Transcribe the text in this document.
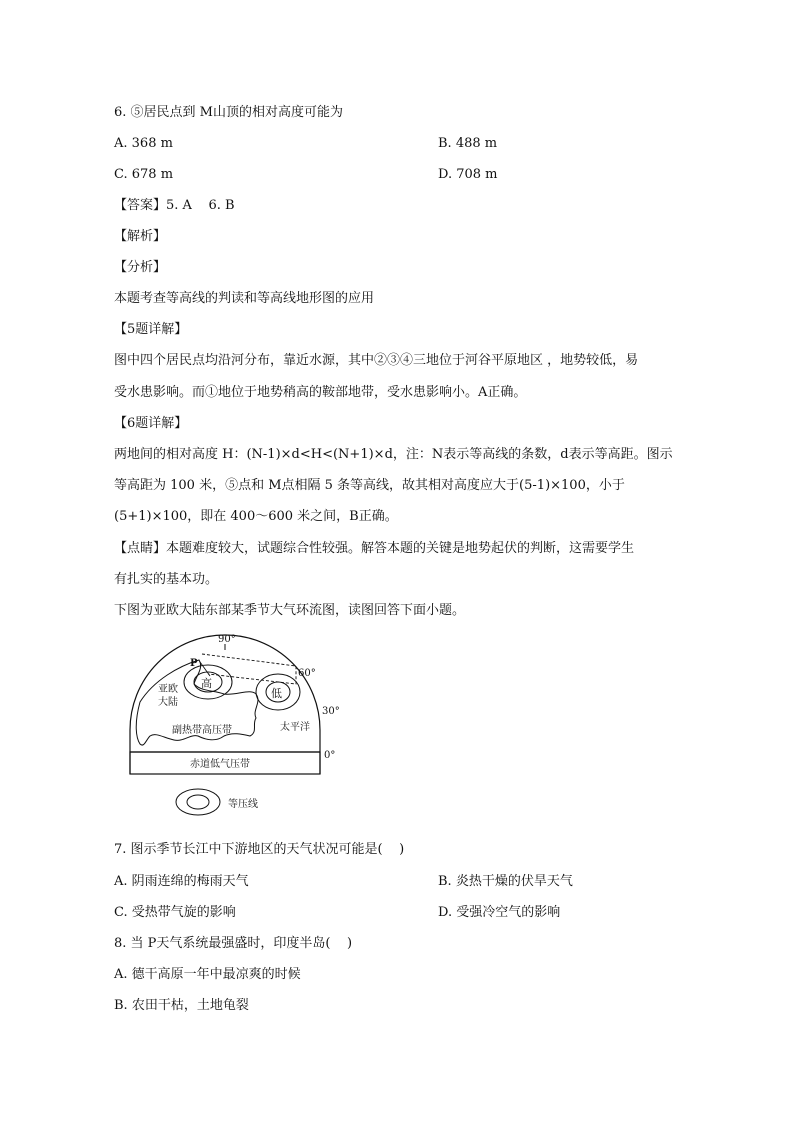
6. ⑤居民点到 M山顶的相对高度可能为
A. 368 m	B. 488 m
C. 678 m	D. 708 m
【答案】5. A    6. B
【解析】
【分析】
本题考查等高线的判读和等高线地形图的应用
【5题详解】
图中四个居民点均沿河分布，靠近水源，其中②③④三地位于河谷平原地区 ，地势较低，易
受水患影响。而①地位于地势稍高的鞍部地带，受水患影响小。A正确。
【6题详解】
两地间的相对高度 H：(N-1)×d<H<(N+1)×d，注：N表示等高线的条数，d表示等高距。图示
等高距为 100 米，⑤点和 M点相隔 5 条等高线，故其相对高度应大于(5-1)×100，小于
(5+1)×100，即在 400～600 米之间，B正确。
【点睛】本题难度较大，试题综合性较强。解答本题的关键是地势起伏的判断，这需要学生
有扎实的基本功。
下图为亚欧大陆东部某季节大气环流图，读图回答下面小题。
90°
60°
30°
0°
P
高
低
亚欧
大陆
副热带高压带	太平洋
赤道低气压带
等压线
7. 图示季节长江中下游地区的天气状况可能是(    )
A. 阴雨连绵的梅雨天气	B. 炎热干燥的伏旱天气
C. 受热带气旋的影响	D. 受强冷空气的影响
8. 当 P天气系统最强盛时，印度半岛(    )
A. 德干高原一年中最凉爽的时候
B. 农田干枯，土地龟裂
